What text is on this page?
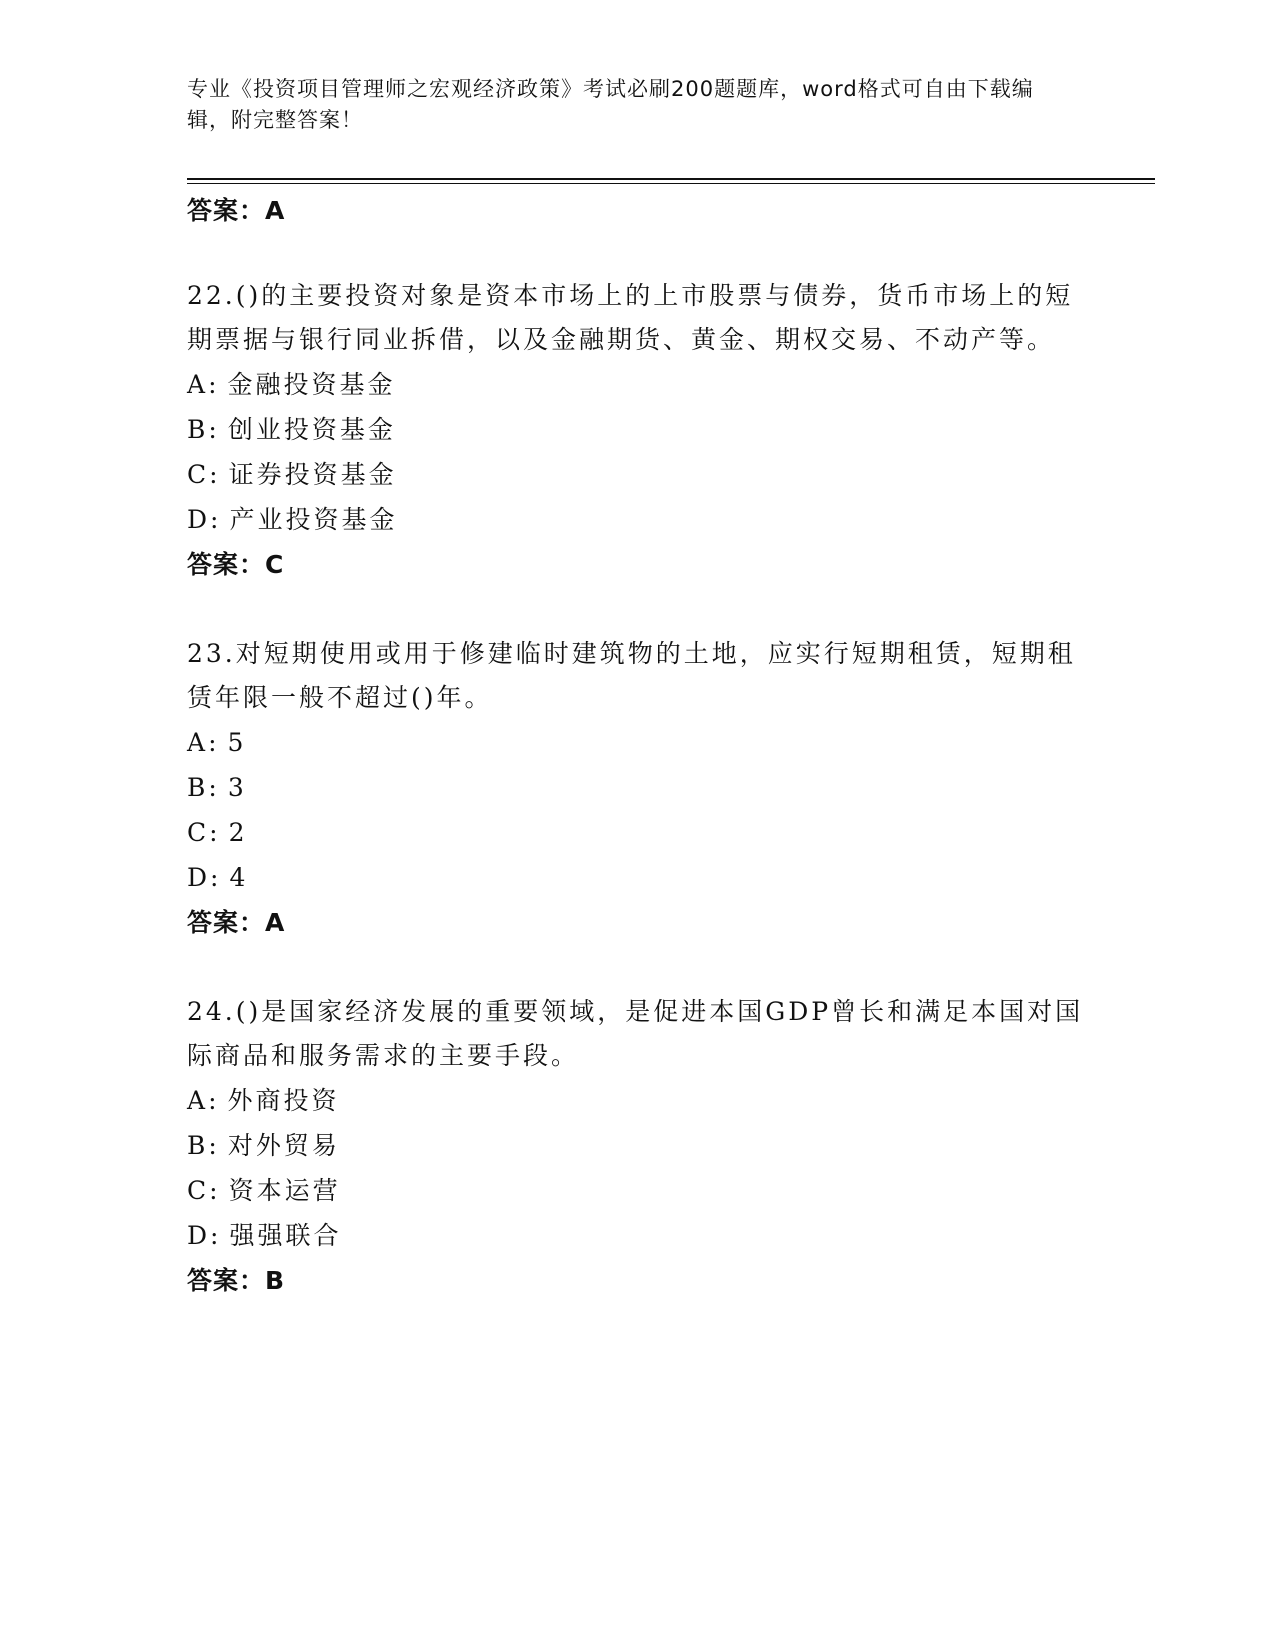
专业《投资项目管理师之宏观经济政策》考试必刷200题题库，word格式可自由下载编辑，附完整答案！
答案：A
22.()的主要投资对象是资本市场上的上市股票与债券，货币市场上的短期票据与银行同业拆借，以及金融期货、黄金、期权交易、不动产等。
A: 金融投资基金
B: 创业投资基金
C: 证券投资基金
D: 产业投资基金
答案：C
23.对短期使用或用于修建临时建筑物的土地，应实行短期租赁，短期租赁年限一般不超过()年。
A: 5
B: 3
C: 2
D: 4
答案：A
24.()是国家经济发展的重要领域，是促进本国GDP曾长和满足本国对国际商品和服务需求的主要手段。
A: 外商投资
B: 对外贸易
C: 资本运营
D: 强强联合
答案：B
